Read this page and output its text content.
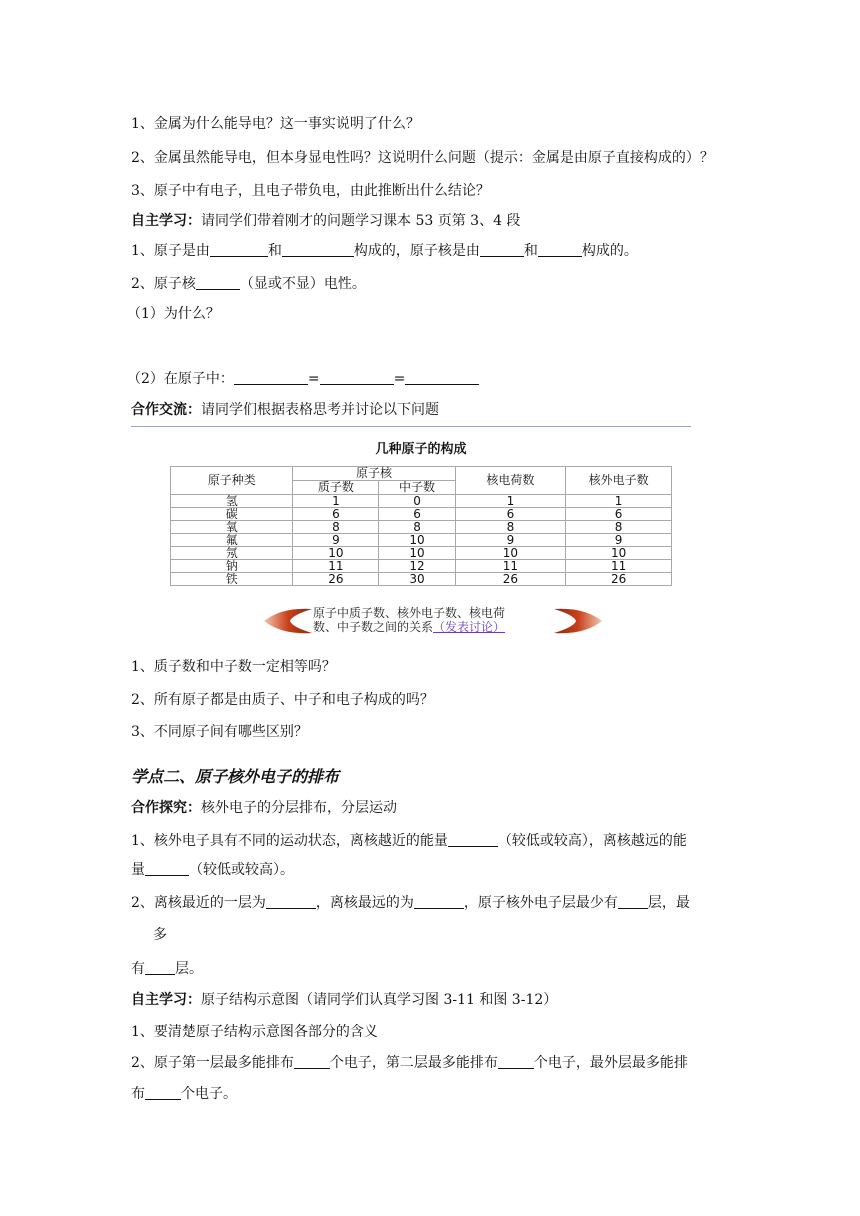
1、金属为什么能导电？这一事实说明了什么？
2、金属虽然能导电，但本身显电性吗？这说明什么问题（提示：金属是由原子直接构成的）？
3、原子中有电子，且电子带负电，由此推断出什么结论？
自主学习：请同学们带着刚才的问题学习课本 53 页第 3、4 段
1、原子是由	和	构成的，原子核是由	和	构成的。
2、原子核	（显或不显）电性。
（1）为什么？
（2）在原子中：	=	=
合作交流：请同学们根据表格思考并讨论以下问题
几种原子的构成
原子种类	原子核		核电荷数	核外电子数
	质子数	中子数		
氢	1	0	1	1
碳	6	6	6	6
氧	8	8	8	8
氟	9	10	9	9
氖	10	10	10	10
钠	11	12	11	11
铁	26	30	26	26
原子中质子数、核外电子数、核电荷
数、中子数之间的关系（发表讨论）
1、质子数和中子数一定相等吗？
2、所有原子都是由质子、中子和电子构成的吗？
3、不同原子间有哪些区别？
学点二、原子核外电子的排布
合作探究：核外电子的分层排布，分层运动
1、核外电子具有不同的运动状态，离核越近的能量	（较低或较高），离核越远的能
量	（较低或较高）。
2、离核最近的一层为	，离核最远的为	，原子核外电子层最少有 层，最
多
有 层。
自主学习：原子结构示意图（请同学们认真学习图 3-11 和图 3-12）
1、要清楚原子结构示意图各部分的含义
2、原子第一层最多能排布	个电子，第二层最多能排布	个电子，最外层最多能排
布	个电子。
